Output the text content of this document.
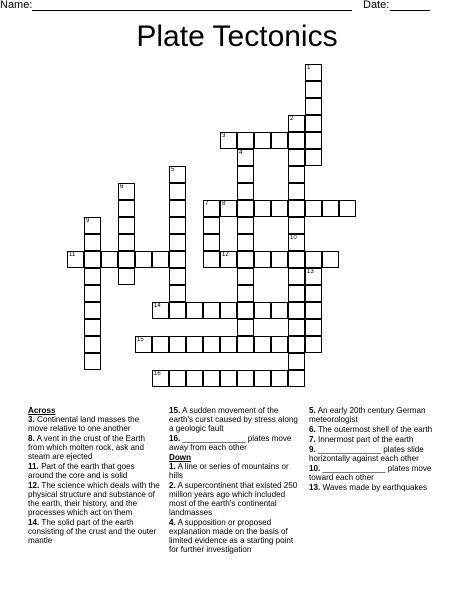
Name:	Date:
Plate Tectonics
1
2
10
3
4
5
6
7 8
9
11	12
13
14
15
16
Across
3. Continental land masses the move relative to one another
8. A vent in the crust of the Earth from which molten rock, ask and steam are ejected
11. Part of the earth that goes around the core and is solid
12. The science which deals with the physical structure and substance of the earth, their history, and the processes which act on them
14. The solid part of the earth consisting of the crust and the outer mantle
15. A sudden movement of the earth's curst caused by stress along a geologic fault
16. ______________ plates move away from each other
Down
1. A line or series of mountains or hills
2. A supercontinent that existed 250 million years ago which included most of the earth's continental landmasses
4. A supposition or proposed explanation made on the basis of limited evidence as a starting point for further investigation
5. An early 20th century German meteorologist
6. The outermost shell of the earth
7. Innermost part of the earth
9. ______________ plates slide horizontally against each other
10. ______________ plates move toward each other
13. Waves made by earthquakes
